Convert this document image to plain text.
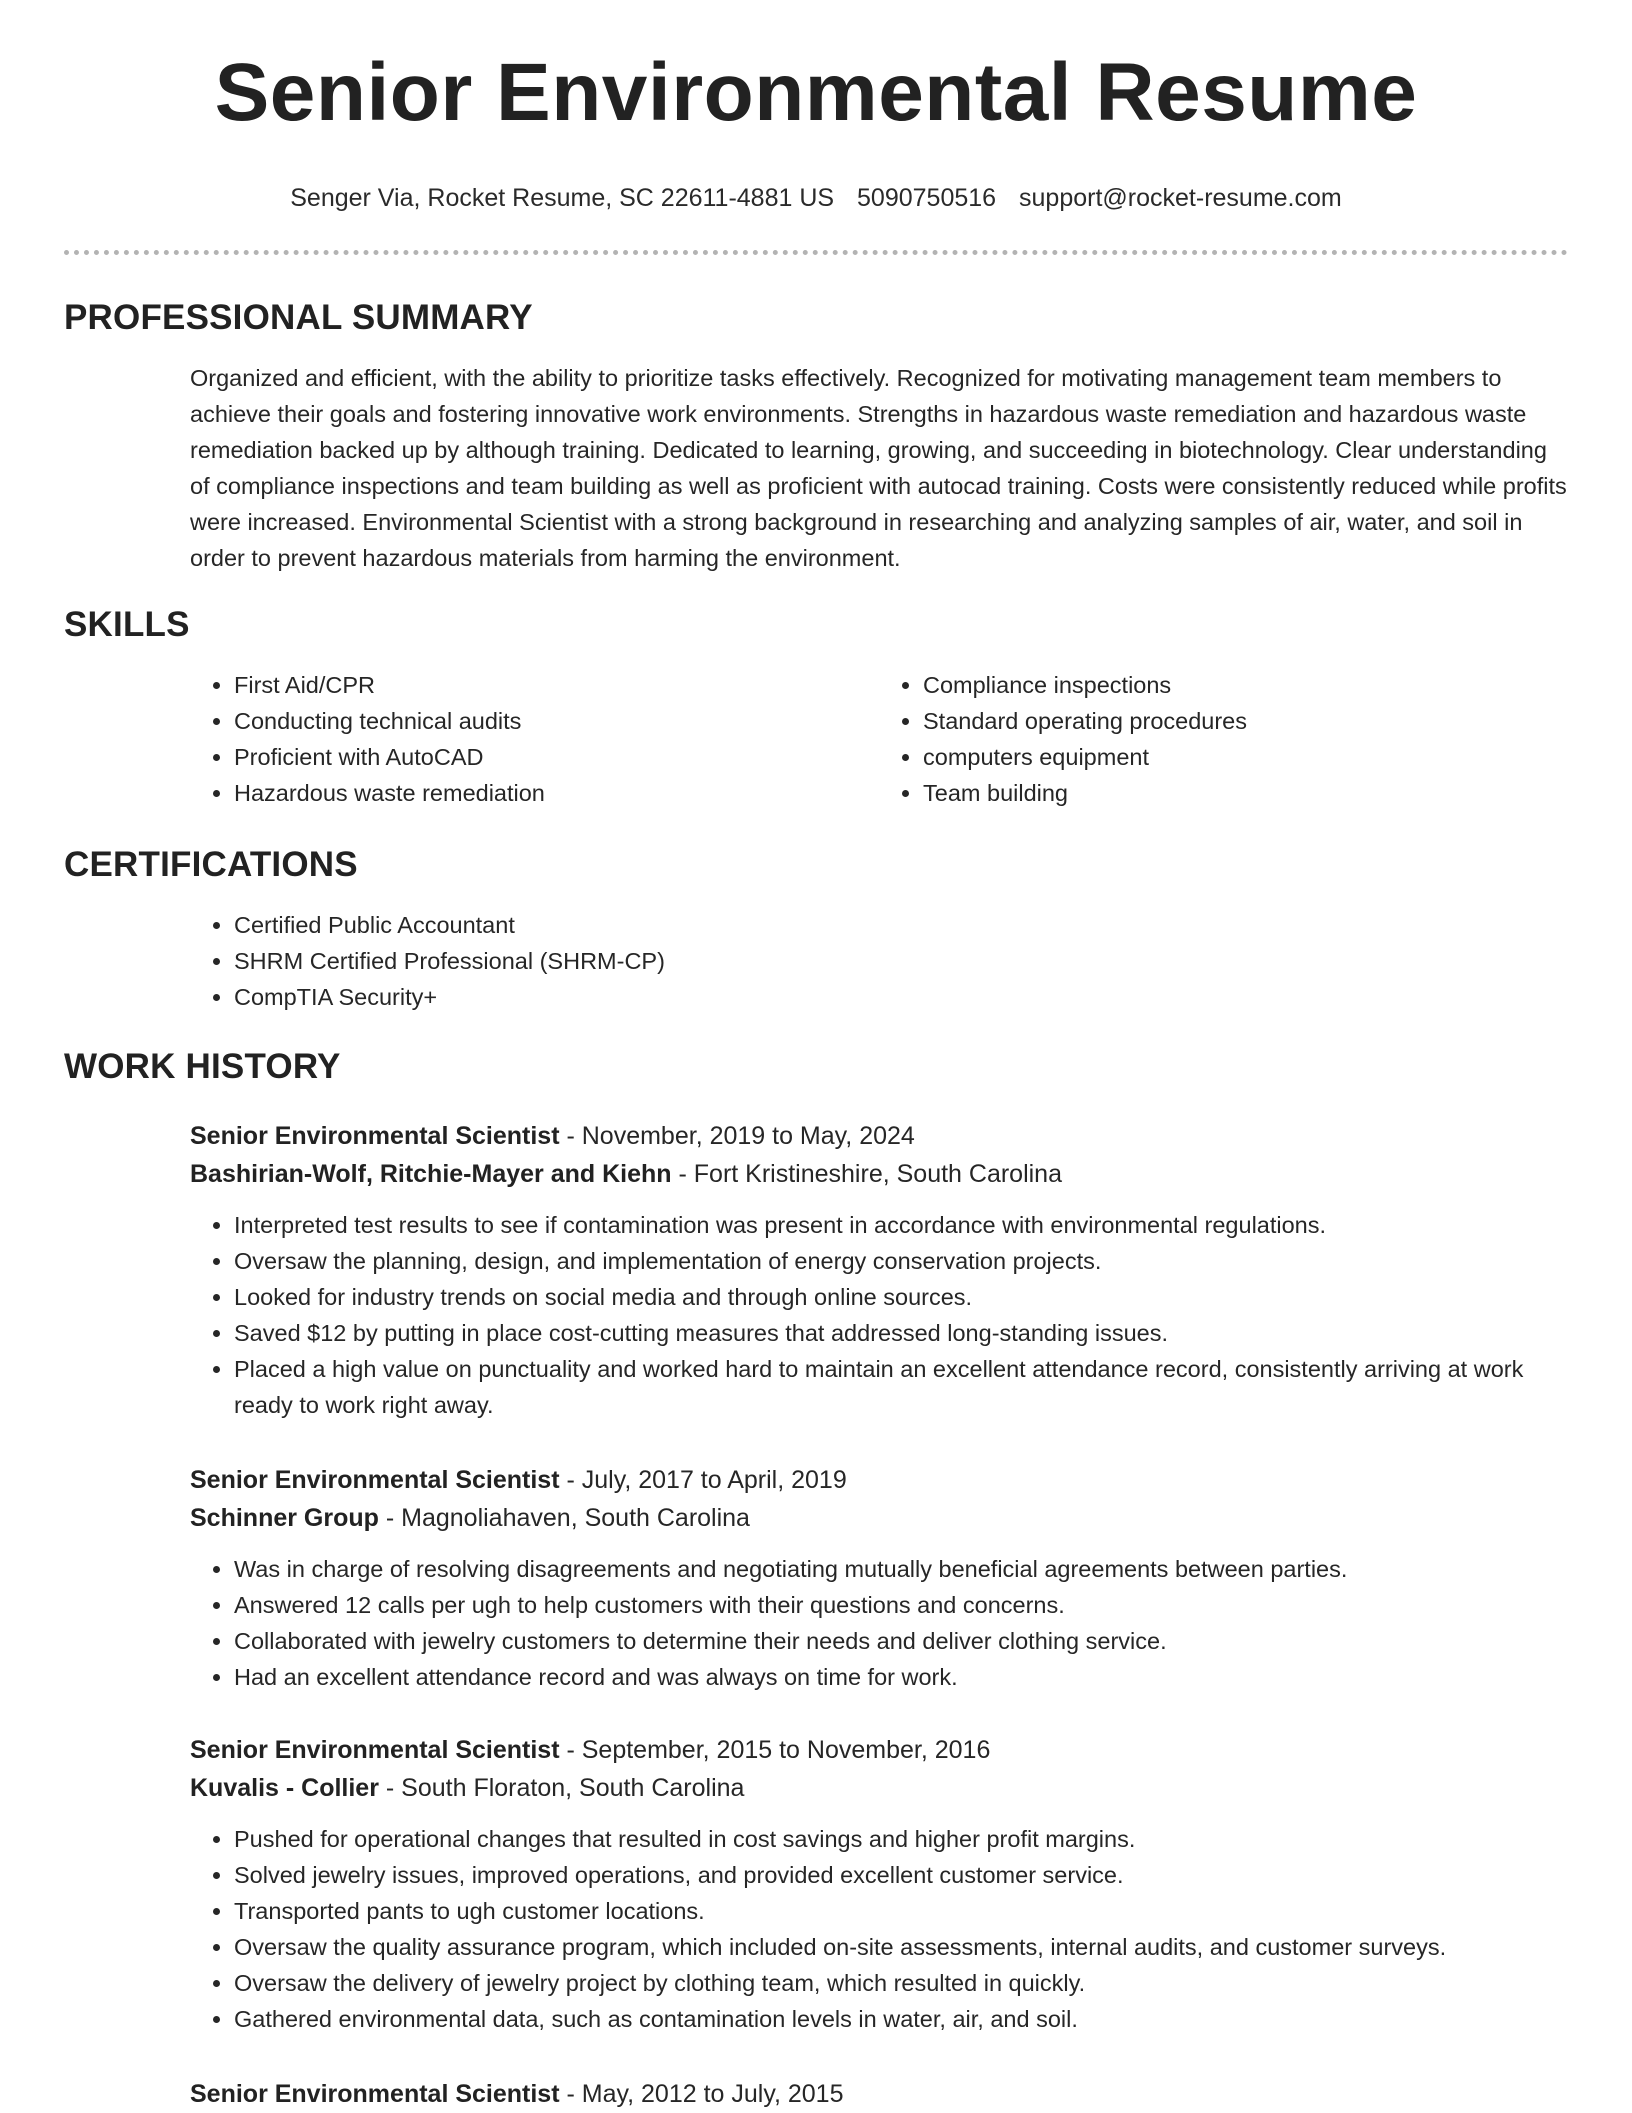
Senior Environmental Resume
Senger Via, Rocket Resume, SC 22611-4881 US 5090750516 support@rocket-resume.com
PROFESSIONAL SUMMARY
Organized and efficient, with the ability to prioritize tasks effectively. Recognized for motivating management team members to achieve their goals and fostering innovative work environments. Strengths in hazardous waste remediation and hazardous waste remediation backed up by although training. Dedicated to learning, growing, and succeeding in biotechnology. Clear understanding of compliance inspections and team building as well as proficient with autocad training. Costs were consistently reduced while profits were increased. Environmental Scientist with a strong background in researching and analyzing samples of air, water, and soil in order to prevent hazardous materials from harming the environment.
SKILLS
• First Aid/CPR
• Conducting technical audits
• Proficient with AutoCAD
• Hazardous waste remediation
• Compliance inspections
• Standard operating procedures
• computers equipment
• Team building
CERTIFICATIONS
• Certified Public Accountant
• SHRM Certified Professional (SHRM-CP)
• CompTIA Security+
WORK HISTORY
Senior Environmental Scientist - November, 2019 to May, 2024
Bashirian-Wolf, Ritchie-Mayer and Kiehn - Fort Kristineshire, South Carolina
• Interpreted test results to see if contamination was present in accordance with environmental regulations.
• Oversaw the planning, design, and implementation of energy conservation projects.
• Looked for industry trends on social media and through online sources.
• Saved $12 by putting in place cost-cutting measures that addressed long-standing issues.
• Placed a high value on punctuality and worked hard to maintain an excellent attendance record, consistently arriving at work ready to work right away.
Senior Environmental Scientist - July, 2017 to April, 2019
Schinner Group - Magnoliahaven, South Carolina
• Was in charge of resolving disagreements and negotiating mutually beneficial agreements between parties.
• Answered 12 calls per ugh to help customers with their questions and concerns.
• Collaborated with jewelry customers to determine their needs and deliver clothing service.
• Had an excellent attendance record and was always on time for work.
Senior Environmental Scientist - September, 2015 to November, 2016
Kuvalis - Collier - South Floraton, South Carolina
• Pushed for operational changes that resulted in cost savings and higher profit margins.
• Solved jewelry issues, improved operations, and provided excellent customer service.
• Transported pants to ugh customer locations.
• Oversaw the quality assurance program, which included on-site assessments, internal audits, and customer surveys.
• Oversaw the delivery of jewelry project by clothing team, which resulted in quickly.
• Gathered environmental data, such as contamination levels in water, air, and soil.
Senior Environmental Scientist - May, 2012 to July, 2015
